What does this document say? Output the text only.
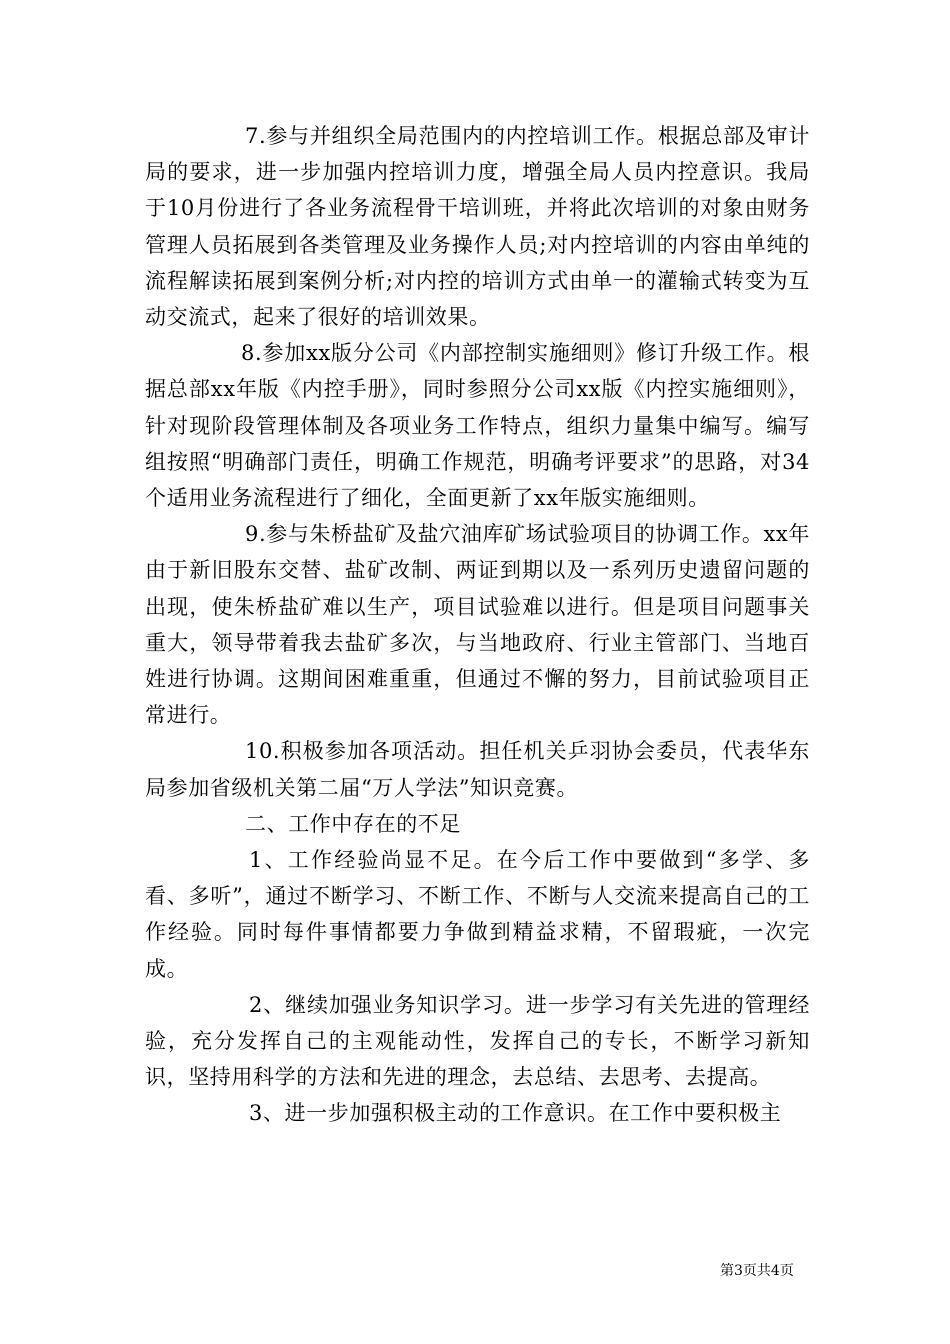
7.参与并组织全局范围内的内控培训工作。根据总部及审计局的要求，进一步加强内控培训力度，增强全局人员内控意识。我局于10月份进行了各业务流程骨干培训班，并将此次培训的对象由财务管理人员拓展到各类管理及业务操作人员;对内控培训的内容由单纯的流程解读拓展到案例分析;对内控的培训方式由单一的灌输式转变为互动交流式，起来了很好的培训效果。

8.参加xx版分公司《内部控制实施细则》修订升级工作。根据总部xx年版《内控手册》，同时参照分公司xx版《内控实施细则》，针对现阶段管理体制及各项业务工作特点，组织力量集中编写。编写组按照“明确部门责任，明确工作规范，明确考评要求”的思路，对34个适用业务流程进行了细化，全面更新了xx年版实施细则。

9.参与朱桥盐矿及盐穴油库矿场试验项目的协调工作。xx年由于新旧股东交替、盐矿改制、两证到期以及一系列历史遗留问题的出现，使朱桥盐矿难以生产，项目试验难以进行。但是项目问题事关重大，领导带着我去盐矿多次，与当地政府、行业主管部门、当地百姓进行协调。这期间困难重重，但通过不懈的努力，目前试验项目正常进行。

10.积极参加各项活动。担任机关乒羽协会委员，代表华东局参加省级机关第二届“万人学法”知识竞赛。

二、工作中存在的不足

1、工作经验尚显不足。在今后工作中要做到“多学、多看、多听”，通过不断学习、不断工作、不断与人交流来提高自己的工作经验。同时每件事情都要力争做到精益求精，不留瑕疵，一次完成。

2、继续加强业务知识学习。进一步学习有关先进的管理经验，充分发挥自己的主观能动性，发挥自己的专长，不断学习新知识，坚持用科学的方法和先进的理念，去总结、去思考、去提高。

3、进一步加强积极主动的工作意识。在工作中要积极主

第3页共4页
